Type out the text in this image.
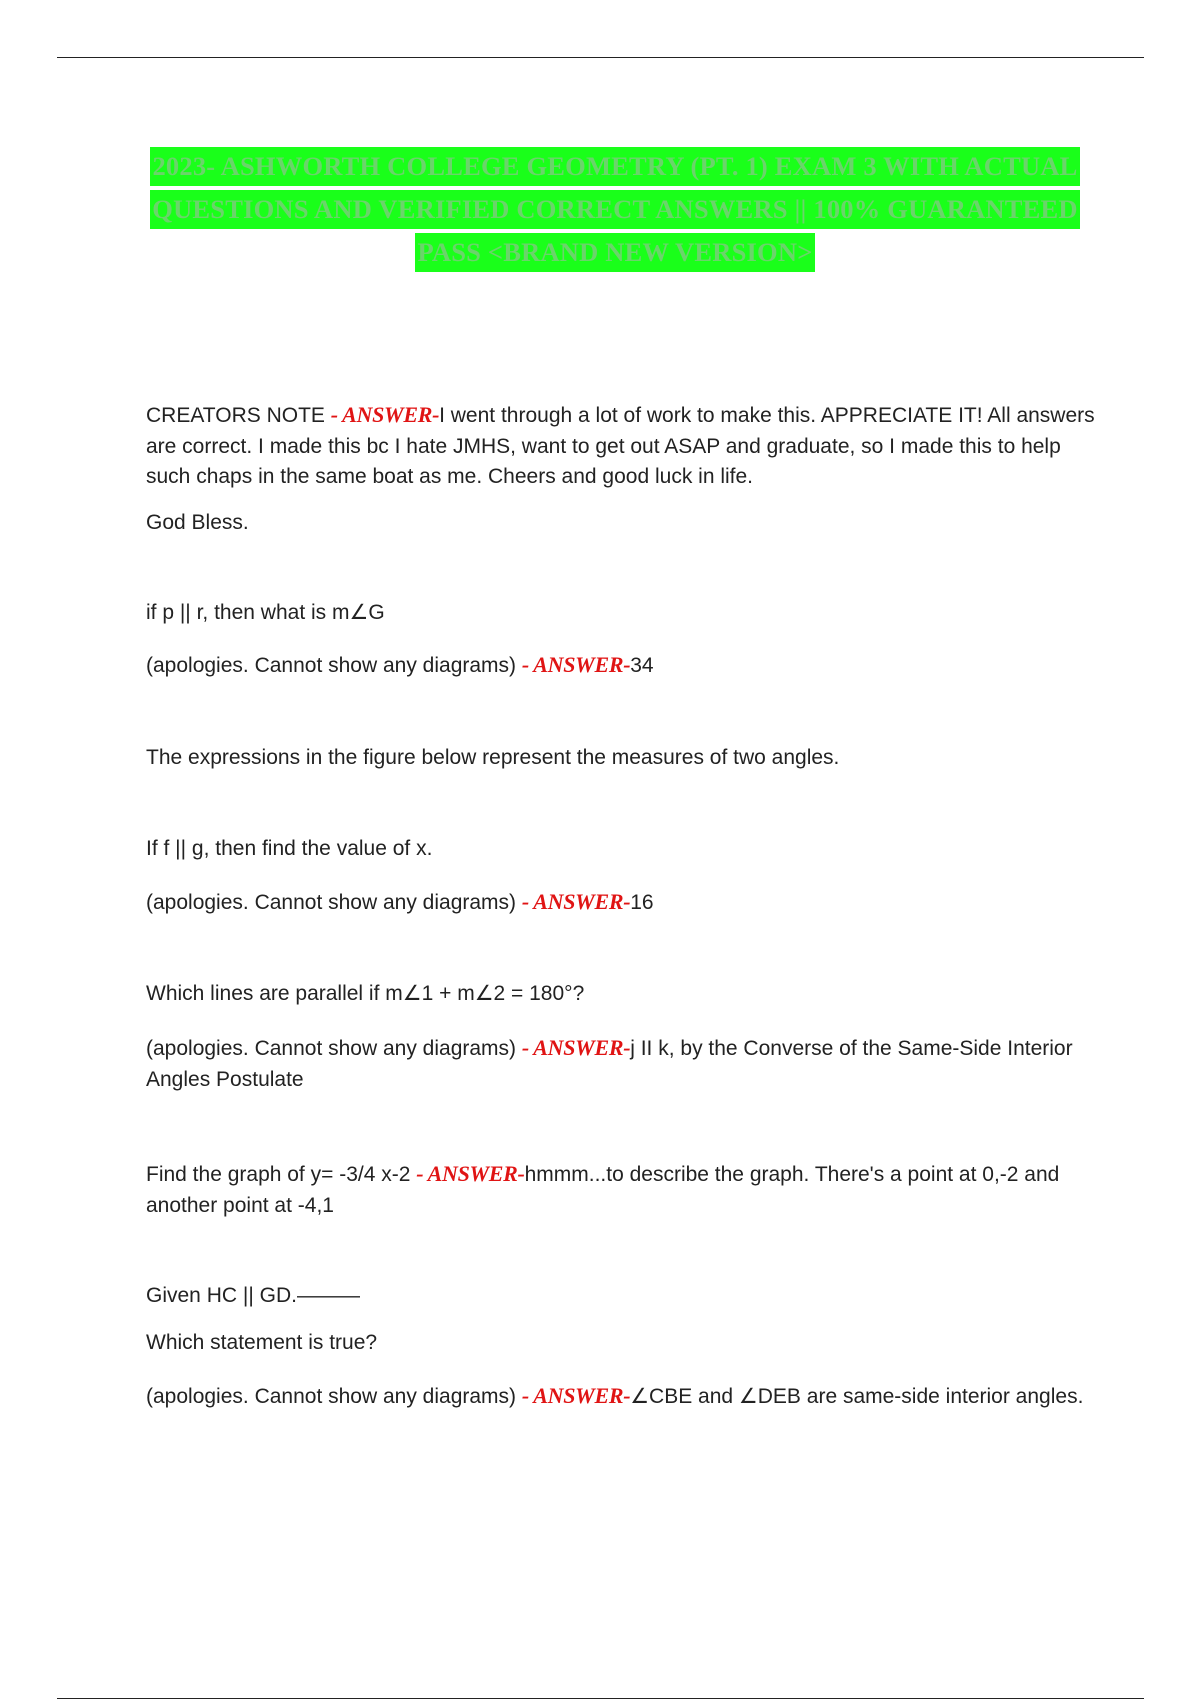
2023- ASHWORTH COLLEGE GEOMETRY (PT. 1) EXAM 3 WITH ACTUAL
QUESTIONS AND VERIFIED CORRECT ANSWERS || 100% GUARANTEED
PASS <BRAND NEW VERSION>
CREATORS NOTE - ANSWER-I went through a lot of work to make this. APPRECIATE IT! All answers are correct. I made this bc I hate JMHS, want to get out ASAP and graduate, so I made this to help such chaps in the same boat as me. Cheers and good luck in life.
God Bless.
if p || r, then what is m∠G
(apologies. Cannot show any diagrams) - ANSWER-34
The expressions in the figure below represent the measures of two angles.
If f || g, then find the value of x.
(apologies. Cannot show any diagrams) - ANSWER-16
Which lines are parallel if m∠1 + m∠2 = 180°?
(apologies. Cannot show any diagrams) - ANSWER-j II k, by the Converse of the Same-Side Interior Angles Postulate
Find the graph of y= -3/4 x-2 - ANSWER-hmmm...to describe the graph. There's a point at 0,-2 and another point at -4,1
Given HC || GD.———
Which statement is true?
(apologies. Cannot show any diagrams) - ANSWER-∠CBE and ∠DEB are same-side interior angles.
